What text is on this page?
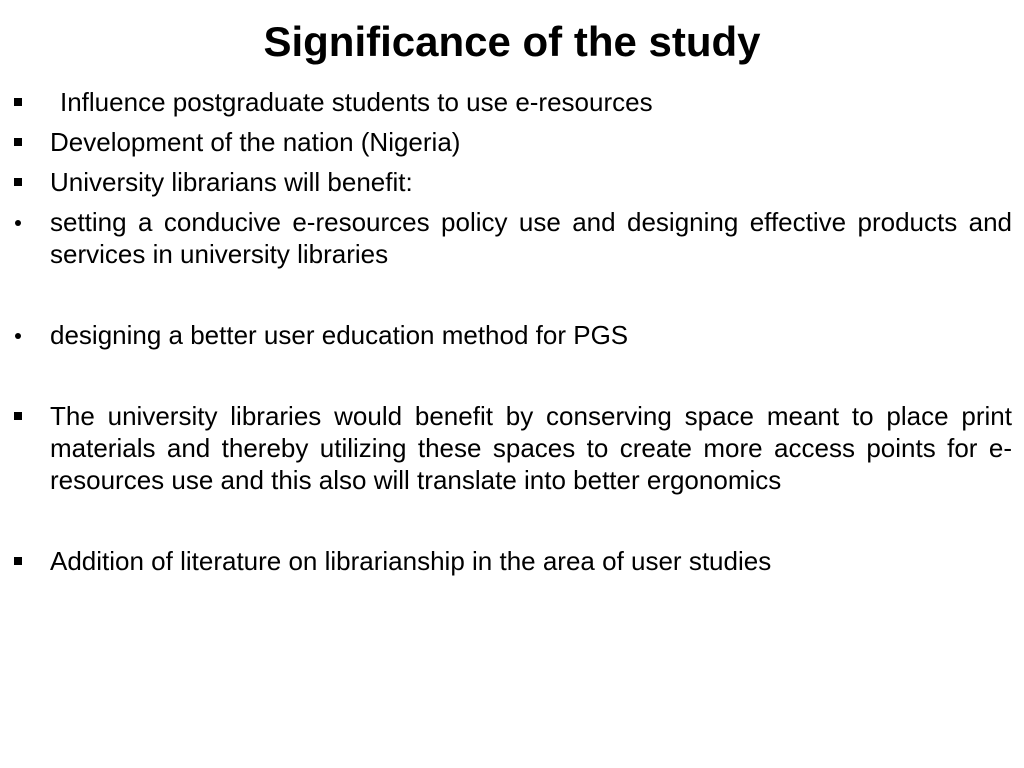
Significance of the study
Influence postgraduate students to use e-resources
Development of the nation (Nigeria)
University librarians will benefit:
setting a conducive e-resources policy use and designing effective products and services in university libraries
designing a better user education method for PGS
The university libraries would benefit by conserving space meant to place print materials and thereby utilizing these spaces to create more access points for e-resources use and this also will translate into better ergonomics
Addition of literature on librarianship in the area of user studies
